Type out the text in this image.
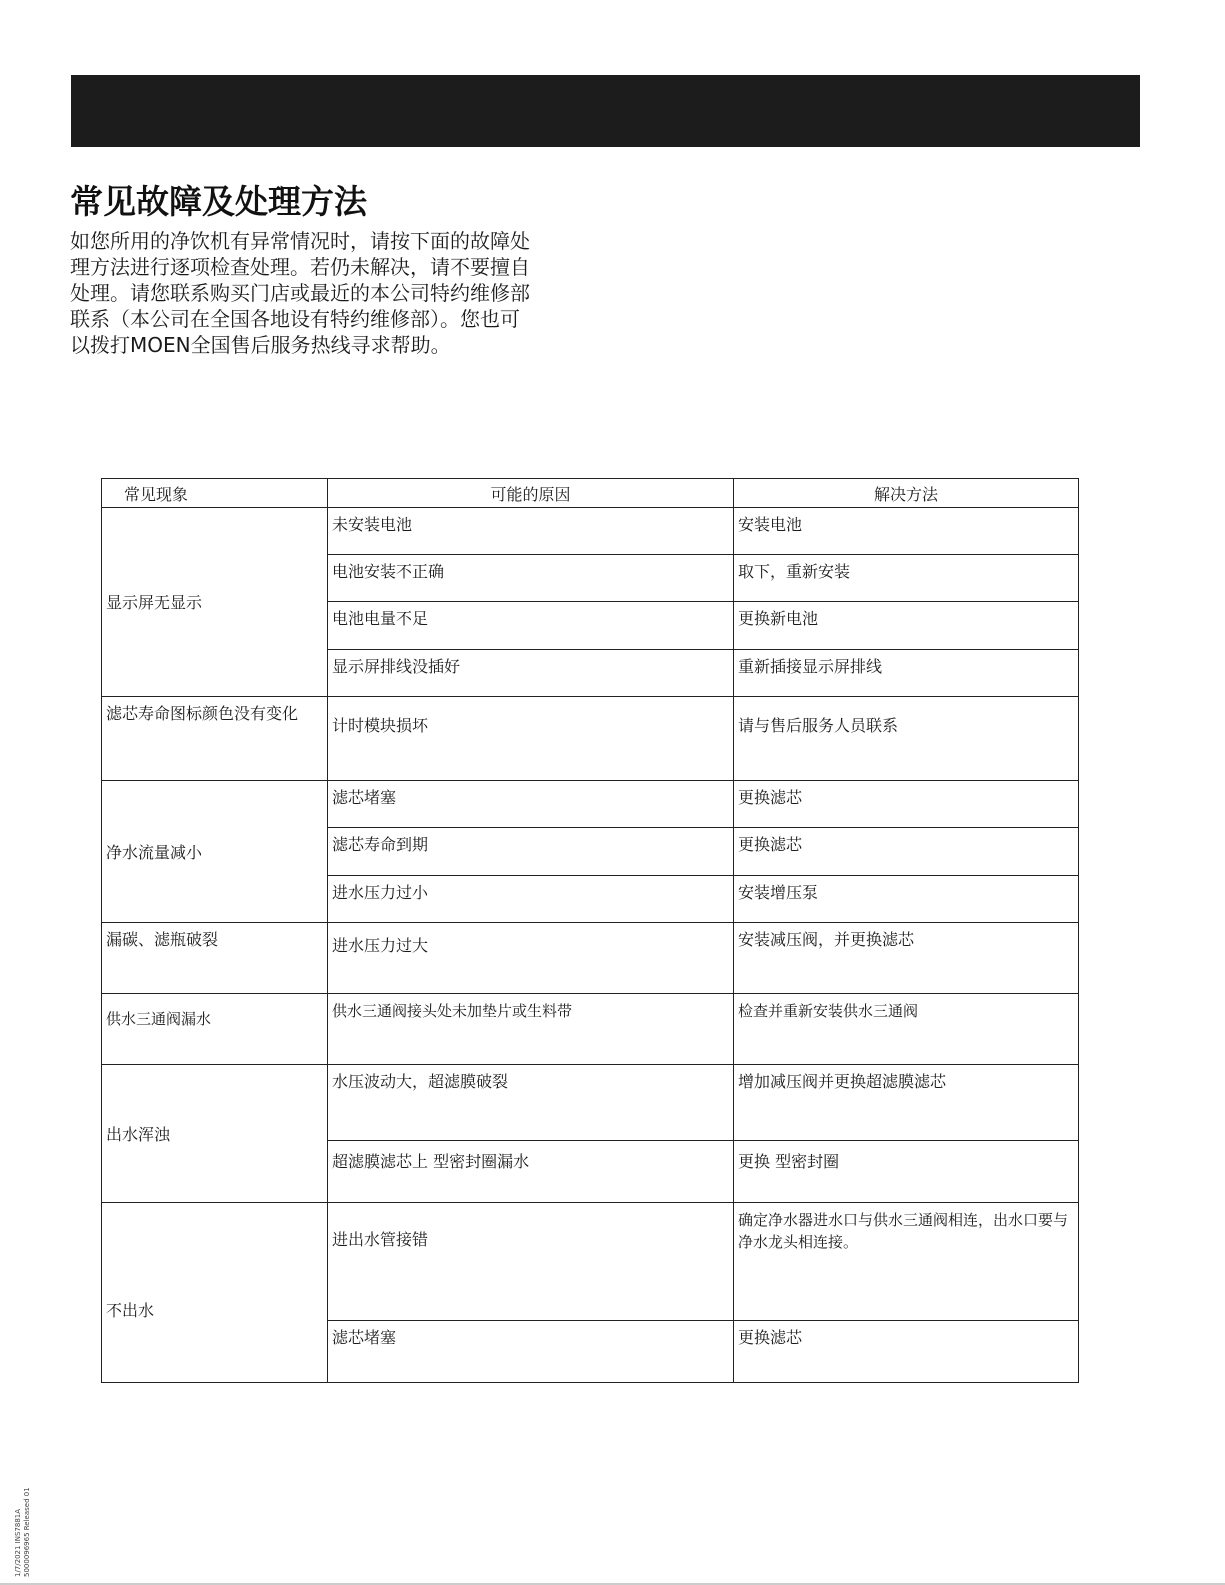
常见故障及处理方法
如您所用的净饮机有异常情况时，请按下面的故障处
理方法进行逐项检查处理。若仍未解决，请不要擅自
处理。请您联系购买门店或最近的本公司特约维修部
联系（本公司在全国各地设有特约维修部）。您也可
以拨打MOEN全国售后服务热线寻求帮助。
常见现象	可能的原因	解决方法
显示屏无显示	未安装电池	安装电池
	电池安装不正确	取下，重新安装
	电池电量不足	更换新电池
	显示屏排线没插好	重新插接显示屏排线
滤芯寿命图标颜色没有变化	计时模块损坏	请与售后服务人员联系
净水流量减小	滤芯堵塞	更换滤芯
	滤芯寿命到期	更换滤芯
	进水压力过小	安装增压泵
漏碳、滤瓶破裂	进水压力过大	安装减压阀，并更换滤芯
供水三通阀漏水	供水三通阀接头处未加垫片或生料带	检查并重新安装供水三通阀
出水浑浊	水压波动大，超滤膜破裂	增加减压阀并更换超滤膜滤芯
	超滤膜滤芯上 型密封圈漏水	更换 型密封圈
不出水	进出水管接错	确定净水器进水口与供水三通阀相连，出水口要与净水龙头相连接。
	滤芯堵塞	更换滤芯
1/7/2021 INS7881A 5000096965 Released 01
